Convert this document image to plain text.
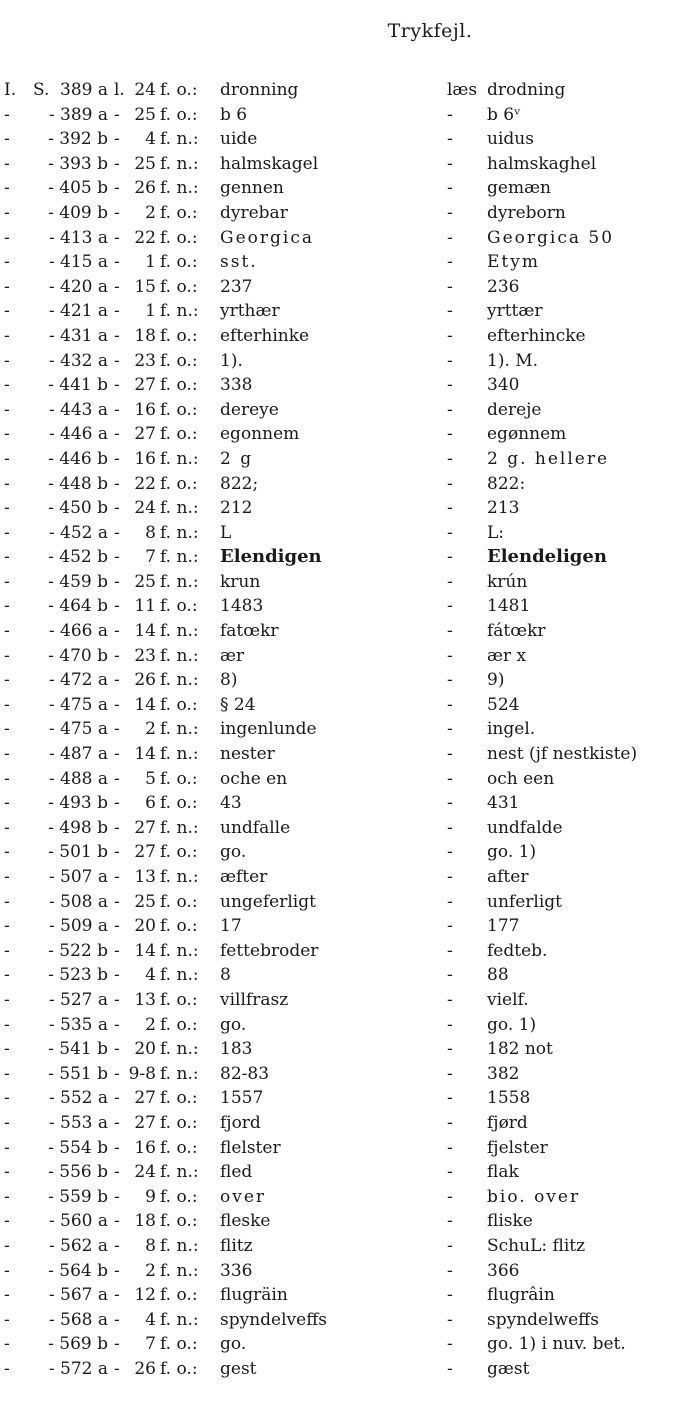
Trykfejl.
I. S. 389 a l. 24 f. o.: dronning	læs drodning
- - 389 a - 25 f. o.: b 6	-	b 6ᵛ
- - 392 b -	4 f. n.: uide	-	uidus
- - 393 b - 25 f. n.: halmskagel	-	halmskaghel
- - 405 b - 26 f. n.: gennen	-	gemæn
- - 409 b -	2 f. o.: dyrebar	-	dyreborn
- - 413 a - 22 f. o.: Georgica	-	Georgica 50
- - 415 a -	1 f. o.: sst.	-	Etym
- - 420 a - 15 f. o.: 237	-	236
- - 421 a -	1 f. n.: yrthær	-	yrttær
- - 431 a - 18 f. o.: efterhinke	-	efterhincke
- - 432 a - 23 f. o.: 1).	-	1). M.
- - 441 b - 27 f. o.: 338	-	340
- - 443 a - 16 f. o.: dereye	-	dereje
- - 446 a - 27 f. o.: egonnem	-	egønnem
- - 446 b - 16 f. n.: 2 g	-	2 g. hellere
- - 448 b - 22 f. o.: 822;	-	822:
- - 450 b - 24 f. n.: 212	-	213
- - 452 a -	8 f. n.: L	-	L:
- - 452 b -	7 f. n.: Elendigen	-	Elendeligen
- - 459 b - 25 f. n.: krun	-	krún
- - 464 b - 11 f. o.: 1483	-	1481
- - 466 a - 14 f. n.: fatœkr	-	fátœkr
- - 470 b - 23 f. n.: ær	-	ær x
- - 472 a - 26 f. n.: 8)	-	9)
- - 475 a - 14 f. o.: § 24	-	524
- - 475 a -	2 f. n.: ingenlunde	-	ingel.
- - 487 a - 14 f. n.: nester	-	nest (jf nestkiste)
- - 488 a -	5 f. o.: oche en	-	och een
- - 493 b -	6 f. o.: 43	-	431
- - 498 b - 27 f. n.: undfalle	-	undfalde
- - 501 b - 27 f. o.: go.	-	go. 1)
- - 507 a - 13 f. n.: æfter	-	after
- - 508 a - 25 f. o.: ungeferligt	-	unferligt
- - 509 a - 20 f. o.: 17	-	177
- - 522 b - 14 f. n.: fettebroder	-	fedteb.
- - 523 b -	4 f. n.: 8	-	88
- - 527 a - 13 f. o.: villfrasz	-	vielf.
- - 535 a -	2 f. o.: go.	-	go. 1)
- - 541 b - 20 f. n.: 183	-	182 not
- - 551 b - 9-8 f. n.: 82-83	-	382
- - 552 a - 27 f. o.: 1557	-	1558
- - 553 a - 27 f. o.: fjord	-	fjørd
- - 554 b - 16 f. o.: flelster	-	fjelster
- - 556 b - 24 f. n.: fled	-	flak
- - 559 b -	9 f. o.: over	-	bio. over
- - 560 a - 18 f. o.: fleske	-	fliske
- - 562 a -	8 f. n.: flitz	-	SchuL: flitz
- - 564 b -	2 f. n.: 336	-	366
- - 567 a - 12 f. o.: flugräin	-	flugrâin
- - 568 a -	4 f. n.: spyndelveffs	-	spyndelweffs
- - 569 b -	7 f. o.: go.	-	go. 1) i nuv. bet.
- - 572 a - 26 f. o.: gest	-	gæst
